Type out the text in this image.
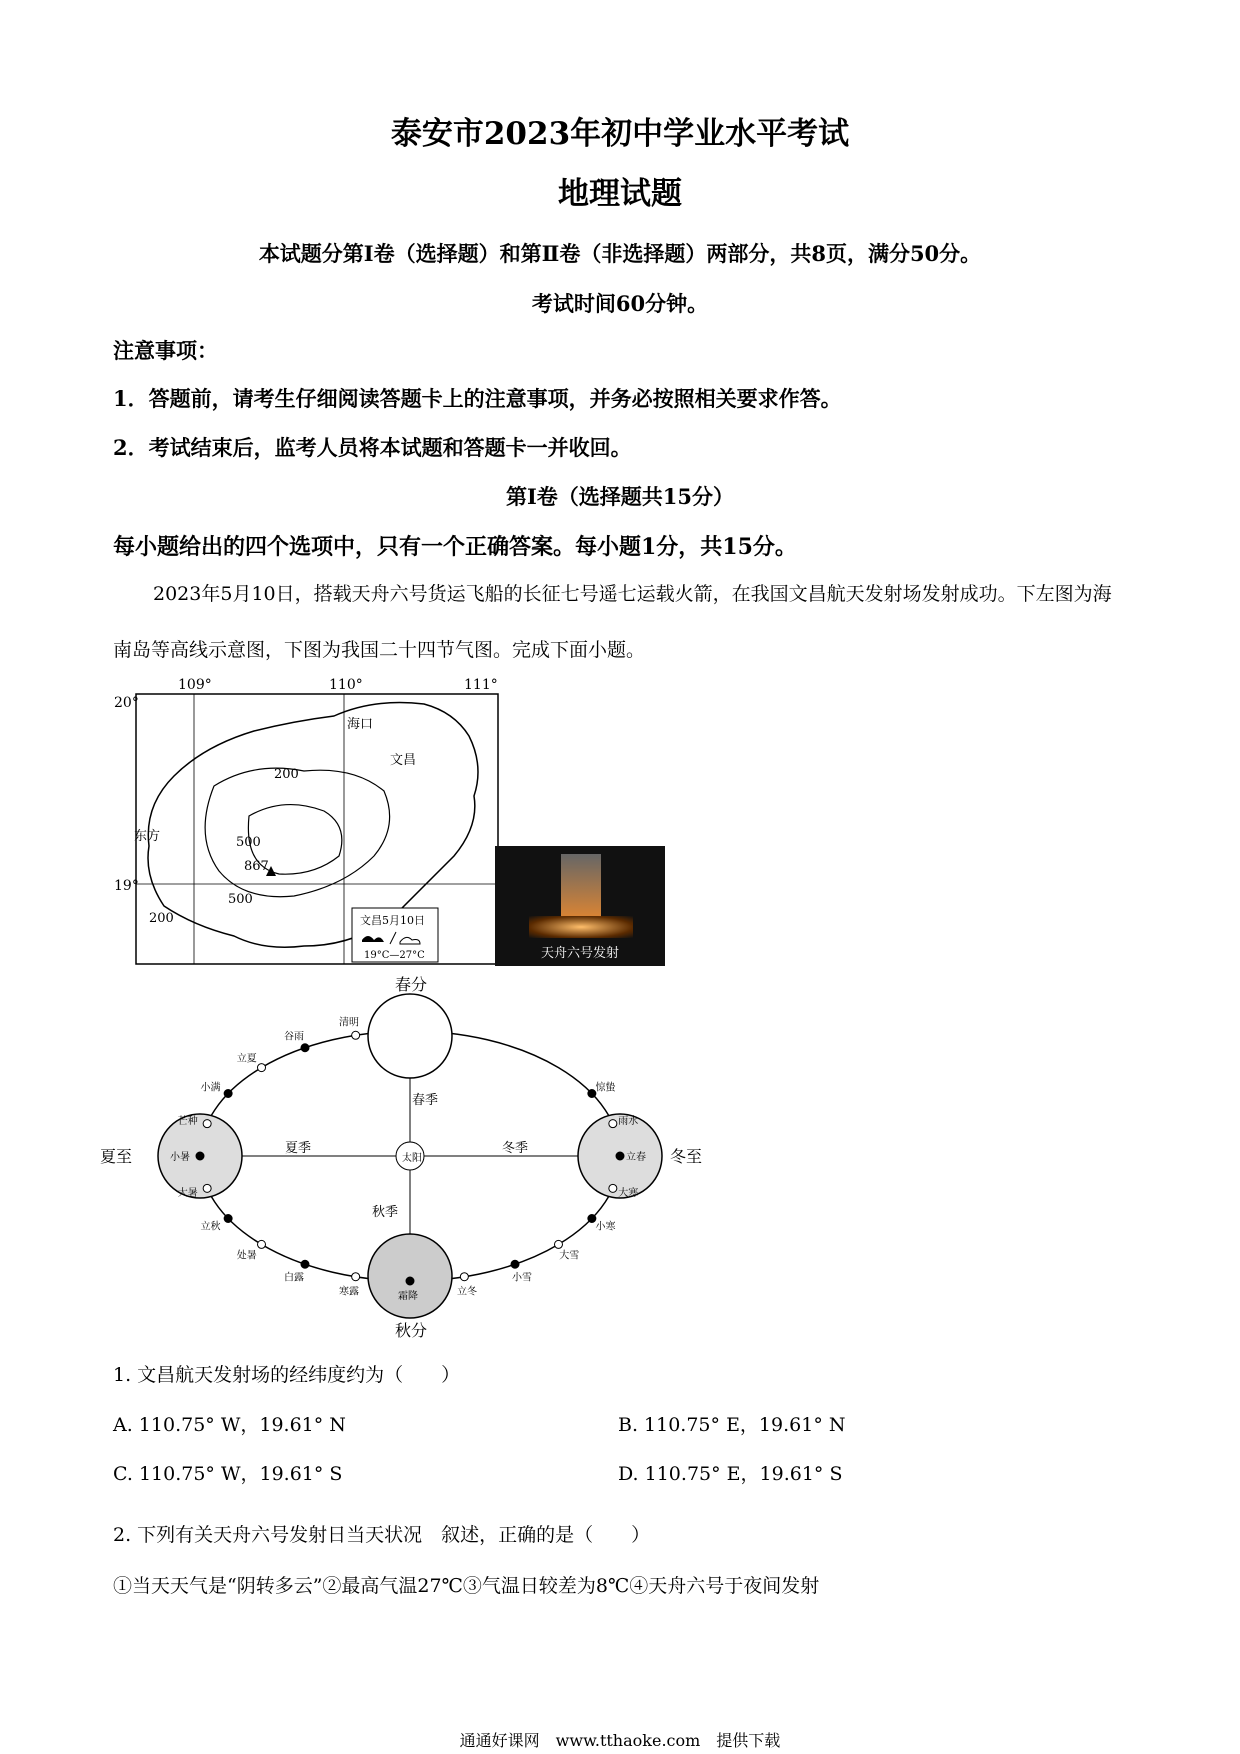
泰安市2023年初中学业水平考试
地理试题
本试题分第Ⅰ卷（选择题）和第Ⅱ卷（非选择题）两部分，共8页，满分50分。
考试时间60分钟。
注意事项：
1．答题前，请考生仔细阅读答题卡上的注意事项，并务必按照相关要求作答。
2．考试结束后，监考人员将本试题和答题卡一并收回。
第Ⅰ卷（选择题共15分）
每小题给出的四个选项中，只有一个正确答案。每小题1分，共15分。
2023年5月10日，搭载天舟六号货运飞船的长征七号遥七运载火箭，在我国文昌航天发射场发射成功。下左图为海南岛等高线示意图，下图为我国二十四节气图。完成下面小题。
109°	110°	111°
20°
19°
海口
文昌
东方
200
500
867
500
200	文昌5月10日
19°C—27°C	天舟六号发射
太阳
春分
夏至
秋分
冬至
春季
夏季
秋季
冬季
清明
谷雨
立夏
小满
芒种
小暑
大暑
立秋
处暑
白露
寒露	霜降	立冬
小雪
大雪
小寒
大寒
立春
雨水
惊蛰
1. 文昌航天发射场的经纬度约为（　　）
A. 110.75° W，19.61° N	B. 110.75° E，19.61° N
C. 110.75° W，19.61° S	D. 110.75° E，19.61° S
2. 下列有关天舟六号发射日当天状况　叙述，正确的是（　　）
①当天天气是“阴转多云”②最高气温27℃③气温日较差为8℃④天舟六号于夜间发射
通通好课网　www.tthaoke.com　提供下载
